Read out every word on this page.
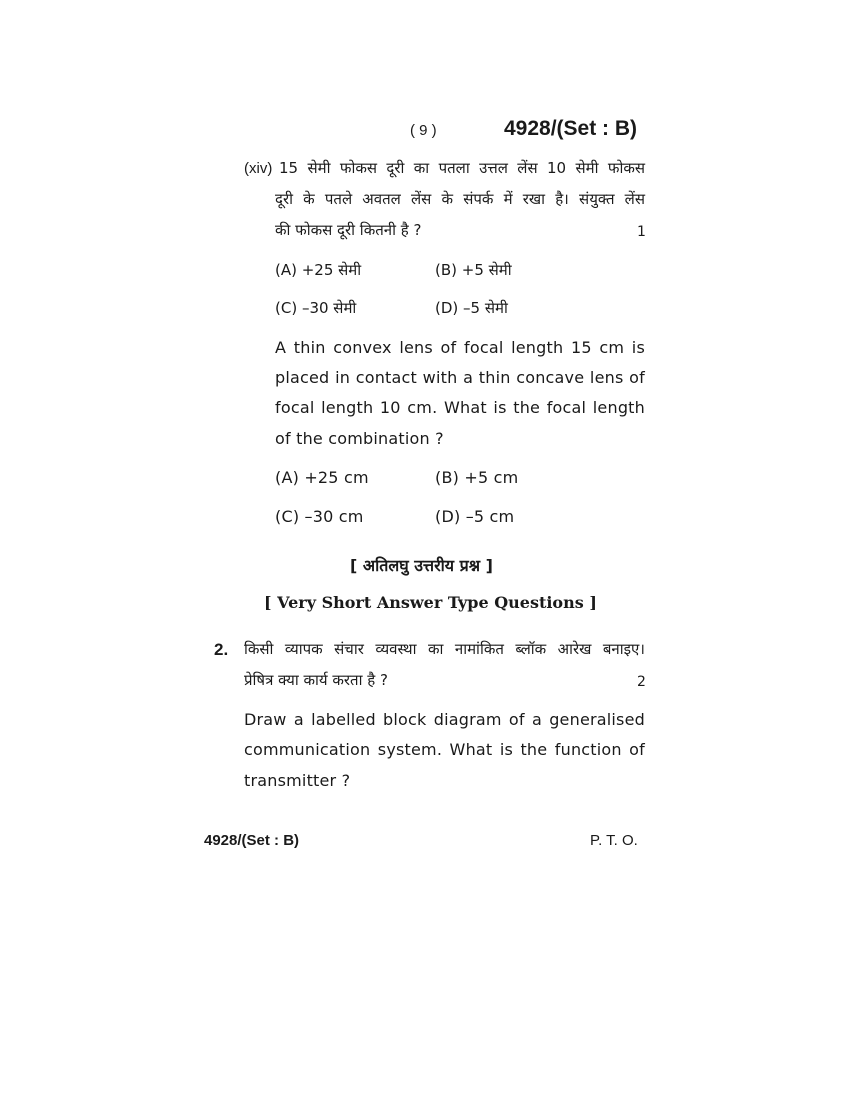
( 9 )	4928/(Set : B)
(xiv) 15 सेमी फोकस दूरी का पतला उत्तल लेंस 10 सेमी फोकस
दूरी के पतले अवतल लेंस के संपर्क में रखा है। संयुक्त लेंस
की फोकस दूरी कितनी है ?	1
(A) +25 सेमी	(B) +5 सेमी
(C) –30 सेमी	(D) –5 सेमी
A thin convex lens of focal length 15 cm is
placed in contact with a thin concave lens of
focal length 10 cm. What is the focal length
of the combination ?
(A) +25 cm	(B) +5 cm
(C) –30 cm	(D) –5 cm
[ अतिलघु उत्तरीय प्रश्न ]
[ Very Short Answer Type Questions ]
2. किसी व्यापक संचार व्यवस्था का नामांकित ब्लॉक आरेख बनाइए।
प्रेषित्र क्या कार्य करता है ?	2
Draw a labelled block diagram of a generalised
communication system. What is the function of
transmitter ?
4928/(Set : B)	P. T. O.
